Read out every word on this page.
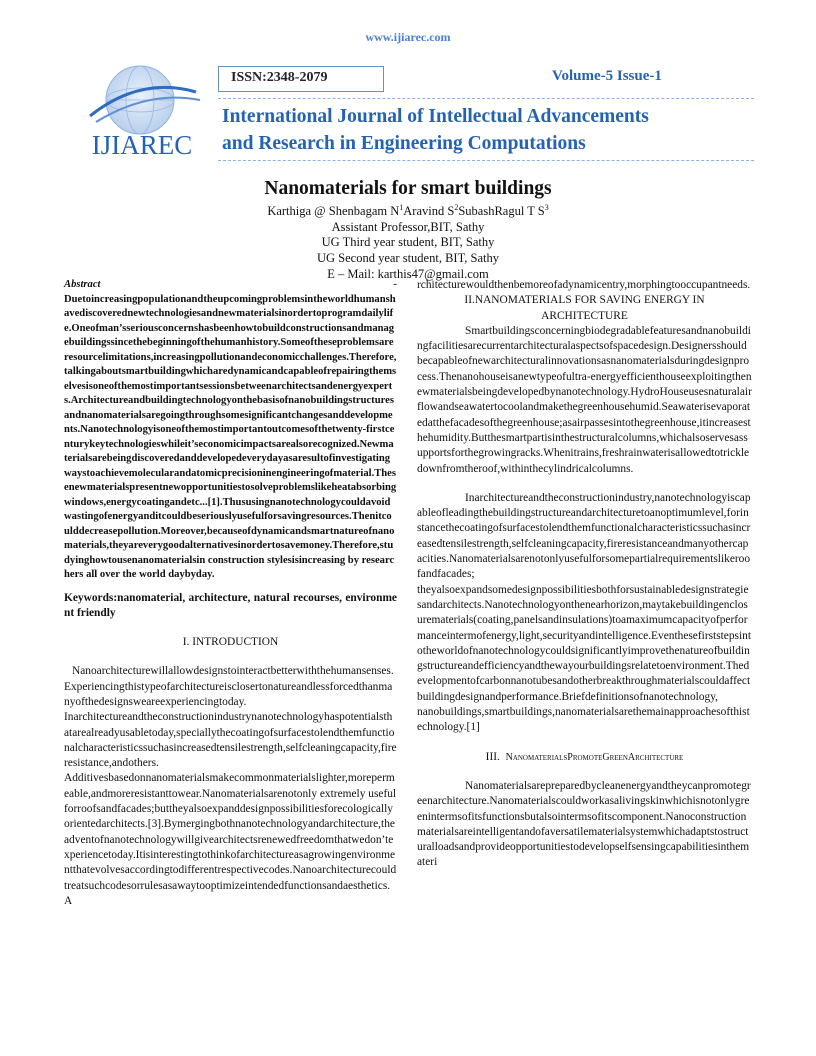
www.ijiarec.com
IJIAREC
ISSN:2348-2079	Volume-5 Issue-1
International Journal of Intellectual Advancements
and Research in Engineering Computations
Nanomaterials for smart buildings
Karthiga @ Shenbagam $N^1Aravind$ $S^2SubashRagul$ T $S^3$
Assistant Professor,BIT, Sathy
UG Third year student, BIT, Sathy
UG Second year student, BIT, Sathy
E – Mail: karthis47@gmail.com
Abstract	-

Duetoincreasingpopulationandtheupcomingproblemsintheworldhumanshavediscoverednewtechnologiesandnewmaterialsinordertoprogramdailylife.Oneofman’sseriousconcernshasbeenhowtobuildconstructionsandmanagebuildingssincethebeginningofthehumanhistory.Someoftheseproblemsareresourcelimitations,increasingpollutionandeconomicchallenges.Therefore,talkingaboutsmartbuildingwhicharedynamicandcapableofrepairingthemselvesisoneofthemostimportantsessionsbetweenarchitectsandenergyexperts.Architectureandbuildingtechnologyonthebasisofnanobuildingstructuresandnanomaterialsaregoingthroughsomesignificantchangesanddevelopments.Nanotechnologyisoneofthemostimportantoutcomesofthetwenty-firstcenturykeytechnologieswhileit’seconomicimpactsarealsorecognized.Newmaterialsarebeingdiscoveredanddevelopedeverydayasaresultofinvestigatingwaystoachievemolecularandatomicprecisioninengineeringofmaterial.Thesenewmaterialspresentnewopportunitiestosolveproblemslikeheatabsorbingwindows,energycoatingandetc...[1].Thususingnanotechnologycouldavoidwastingofenergyanditcouldbeseriouslyusefulforsavingresources.Thenitcoulddecreasepollution.Moreover,becauseofdynamicandsmartnatureofnanomaterials,theyareverygoodalternativesinordertosavemoney.Therefore,studyinghowtousenanomaterialsin construction stylesisincreasing by researchers all over the world daybyday.

Keywords:nanomaterial, architecture, natural recourses, environment friendly
I. INTRODUCTION

Nanoarchitecturewillallowdesignstointeractbetterwiththehumansenses.

Experiencingthistypeofarchitectureisclosertonatureandlessforcedthanmanyofthedesignsweareexperiencingtoday.

Inarchitectureandtheconstructionindustrynanotechnologyhaspotentialsthatarealreadyusabletoday,speciallythecoatingofsurfacestolendthemfunctionalcharacteristicssuchasincreasedtensilestrength,selfcleaningcapacity,fireresistance,andothers.

Additivesbasedonnanomaterialsmakecommonmaterialslighter,morepermeable,andmoreresistanttowear.Nanomaterialsarenotonly extremely usefulforroofsandfacades;buttheyalsoexpanddesignpossibilitiesforecologicallyorientedarchitects.[3].Bymergingbothnanotechnologyandarchitecture,theadventofnanotechnologywillgivearchitectsrenewedfreedomthatwedon’texperiencetoday.Itisinterestingtothinkofarchitectureasagrowingenvironmentthatevolvesaccordingtodifferentrespectivecodes.Nanoarchitecturecouldtreatsuchcodesorrulesasawaytooptimizeintendedfunctionsandaesthetics.A

rchitecturewouldthenbemoreofadynamicentry,morphingtooccupantneeds.

II.NANOMATERIALS FOR SAVING ENERGY IN
ARCHITECTURE

Smartbuildingsconcerningbiodegradablefeaturesandnanobuildingfacilitiesarecurrentarchitecturalaspectsofspacedesign.Designersshouldbecapableofnewarchitecturalinnovationsasnanomaterialsduringdesignprocess.Thenanohouseisanewtypeofultra-energyefficienthouseexploitingthenewmaterialsbeingdevelopedbynanotechnology.HydroHouseusesnaturalairflowandseawatertocoolandmakethegreenhousehumid.Seawaterisevaporatedatthefacadesofthegreenhouse;asairpassesintothegreenhouse,itincreasesthehumidity.Butthesmartpartisinthestructuralcolumns,whichalsoservesassupportsforthegrowingracks.Whenitrains,freshrainwaterisallowedtotrickledownfromtheroof,withinthecylindricalcolumns.

Inarchitectureandtheconstructionindustry,nanotechnologyiscapableofleadingthebuildingstructureandarchitecturetoanoptimumlevel,forinstancethecoatingofsurfacestolendthemfunctionalcharacteristicssuchasincreasedtensilestrength,selfcleaningcapacity,fireresistanceandmanyothercapacities.Nanomaterialsarenotonlyusefulforsomepartialrequirementslikeroofandfacades;

theyalsoexpandsomedesignpossibilitiesbothforsustainabledesignstrategiesandarchitects.Nanotechnologyonthenearhorizon,maytakebuildingenclosurematerials(coating,panelsandinsulations)toamaximumcapacityofperformanceintermofenergy,light,securityandintelligence.Eventhesefirststepsintotheworldofnanotechnologycouldsignificantlyimprovethenatureofbuildingstructureandefficiencyandthewayourbuildingsrelatetoenvironment.Thedevelopmentofcarbonnanotubesandotherbreakthroughmaterialscouldaffectbuildingdesignandperformance.Briefdefinitionsofnanotechnology,

nanobuildings,smartbuildings,nanomaterialsarethemainapproachesofthistechnology.[1]

III. NanomaterialsPromoteGreenArchitecture

Nanomaterialsarepreparedbycleanenergyandtheycanpromotegreenarchitecture.Nanomaterialscouldworkasalivingskinwhichisnotonlygreenintermsofitsfunctionsbutalsointermsofitscomponent.Nanoconstructionmaterialsareintelligentandofaversatilematerialsystemwhichadaptstostructuralloadsandprovideopportunitiestodevelopselfsensingcapabilitiesinthemateri
